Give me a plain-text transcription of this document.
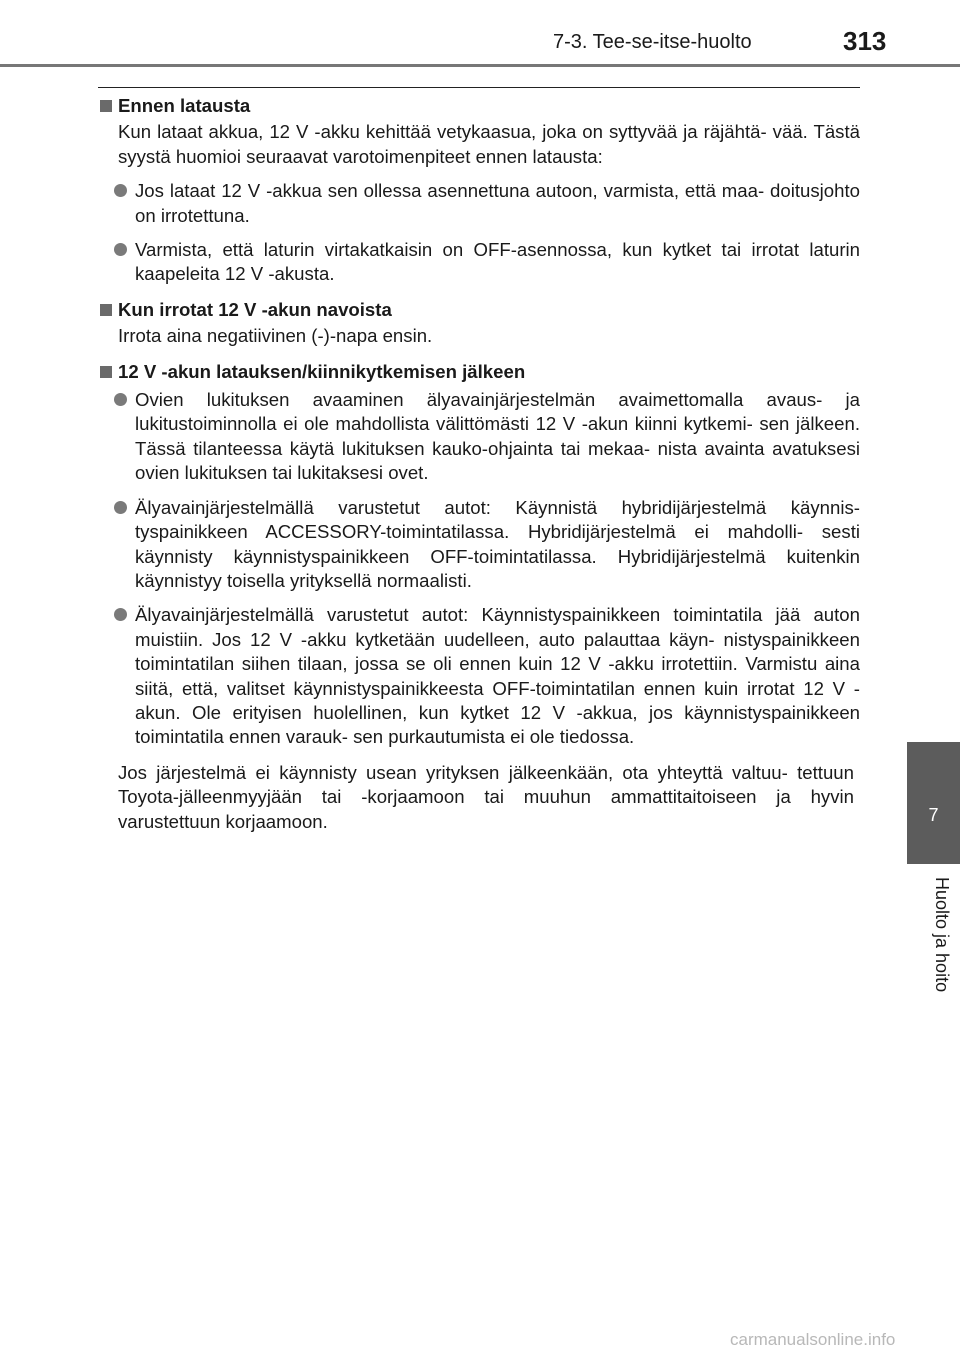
7-3. Tee-se-itse-huolto	313
7
Huolto ja hoito
Ennen latausta
Kun lataat akkua, 12 V -akku kehittää vetykaasua, joka on syttyvää ja räjähtä- vää. Tästä syystä huomioi seuraavat varotoimenpiteet ennen latausta:
Jos lataat 12 V -akkua sen ollessa asennettuna autoon, varmista, että maa- doitusjohto on irrotettuna.
Varmista, että laturin virtakatkaisin on OFF-asennossa, kun kytket tai irrotat laturin kaapeleita 12 V -akusta.
Kun irrotat 12 V -akun navoista
Irrota aina negatiivinen (-)-napa ensin.
12 V -akun latauksen/kiinnikytkemisen jälkeen
Ovien lukituksen avaaminen älyavainjärjestelmän avaimettomalla avaus- ja lukitustoiminnolla ei ole mahdollista välittömästi 12 V -akun kiinni kytkemi- sen jälkeen. Tässä tilanteessa käytä lukituksen kauko-ohjainta tai mekaa- nista avainta avatuksesi ovien lukituksen tai lukitaksesi ovet.
Älyavainjärjestelmällä varustetut autot: Käynnistä hybridijärjestelmä käynnis- tyspainikkeen ACCESSORY-toimintatilassa. Hybridijärjestelmä ei mahdolli- sesti käynnisty käynnistyspainikkeen OFF-toimintatilassa. Hybridijärjestelmä kuitenkin käynnistyy toisella yrityksellä normaalisti.
Älyavainjärjestelmällä varustetut autot: Käynnistyspainikkeen toimintatila jää auton muistiin. Jos 12 V -akku kytketään uudelleen, auto palauttaa käyn- nistyspainikkeen toimintatilan siihen tilaan, jossa se oli ennen kuin 12 V -akku irrotettiin. Varmistu aina siitä, että, valitset käynnistyspainikkeesta OFF-toimintatilan ennen kuin irrotat 12 V -akun. Ole erityisen huolellinen, kun kytket 12 V -akkua, jos käynnistyspainikkeen toimintatila ennen varauk- sen purkautumista ei ole tiedossa.
Jos järjestelmä ei käynnisty usean yrityksen jälkeenkään, ota yhteyttä valtuu- tettuun Toyota-jälleenmyyjään tai -korjaamoon tai muuhun ammattitaitoiseen ja hyvin varustettuun korjaamoon.
carmanualsonline.info
